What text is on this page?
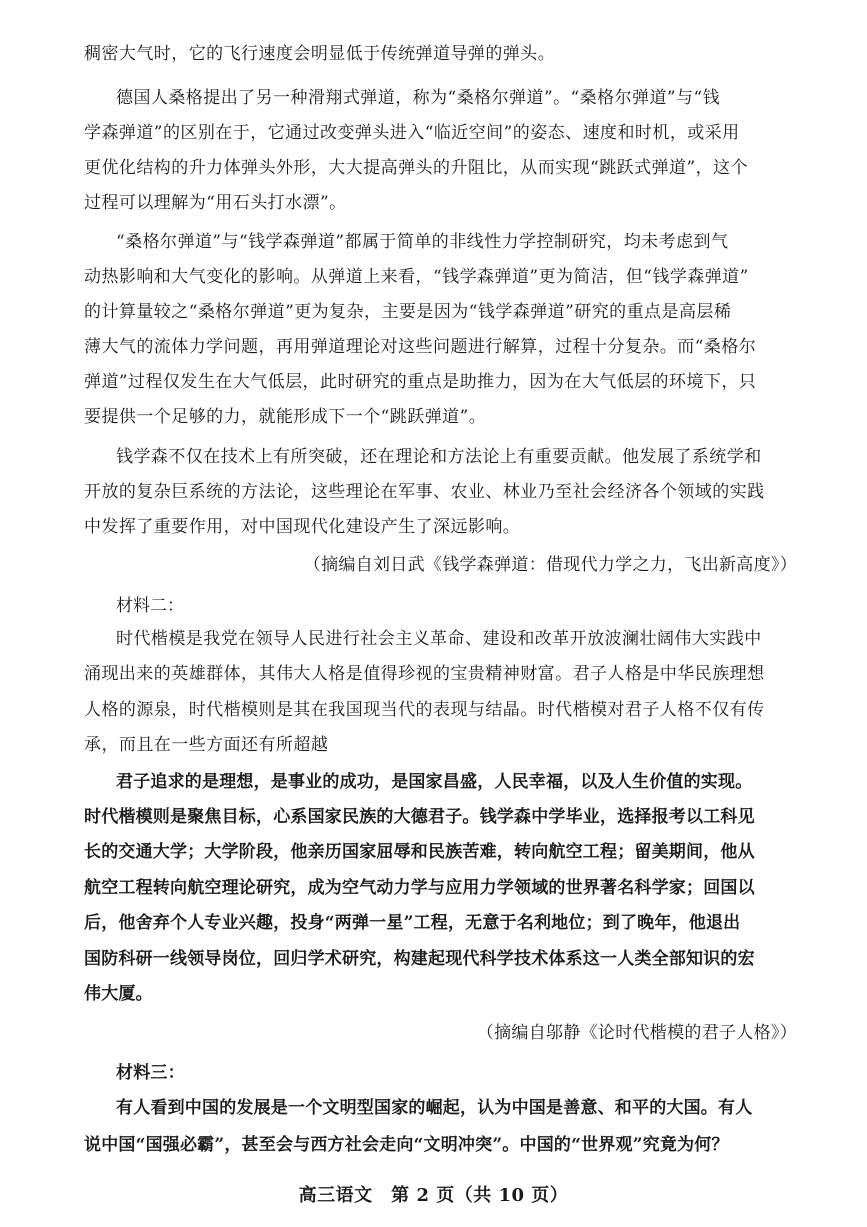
稠密大气时，它的飞行速度会明显低于传统弹道导弹的弹头。
德国人桑格提出了另一种滑翔式弹道，称为“桑格尔弹道”。“桑格尔弹道”与“钱
学森弹道”的区别在于，它通过改变弹头进入“临近空间”的姿态、速度和时机，或采用
更优化结构的升力体弹头外形，大大提高弹头的升阻比，从而实现“跳跃式弹道”，这个
过程可以理解为“用石头打水漂”。
“桑格尔弹道”与“钱学森弹道”都属于简单的非线性力学控制研究，均未考虑到气
动热影响和大气变化的影响。从弹道上来看，“钱学森弹道”更为简洁，但“钱学森弹道”
的计算量较之“桑格尔弹道”更为复杂，主要是因为“钱学森弹道”研究的重点是高层稀
薄大气的流体力学问题，再用弹道理论对这些问题进行解算，过程十分复杂。而“桑格尔
弹道”过程仅发生在大气低层，此时研究的重点是助推力，因为在大气低层的环境下，只
要提供一个足够的力，就能形成下一个“跳跃弹道”。
钱学森不仅在技术上有所突破，还在理论和方法论上有重要贡献。他发展了系统学和
开放的复杂巨系统的方法论，这些理论在军事、农业、林业乃至社会经济各个领域的实践
中发挥了重要作用，对中国现代化建设产生了深远影响。
（摘编自刘日武《钱学森弹道：借现代力学之力，飞出新高度》）
材料二：
时代楷模是我党在领导人民进行社会主义革命、建设和改革开放波澜壮阔伟大实践中
涌现出来的英雄群体，其伟大人格是值得珍视的宝贵精神财富。君子人格是中华民族理想
人格的源泉，时代楷模则是其在我国现当代的表现与结晶。时代楷模对君子人格不仅有传
承，而且在一些方面还有所超越
君子追求的是理想，是事业的成功，是国家昌盛，人民幸福，以及人生价值的实现。
时代楷模则是聚焦目标，心系国家民族的大德君子。钱学森中学毕业，选择报考以工科见
长的交通大学；大学阶段，他亲历国家屈辱和民族苦难，转向航空工程；留美期间，他从
航空工程转向航空理论研究，成为空气动力学与应用力学领域的世界著名科学家；回国以
后，他舍弃个人专业兴趣，投身“两弹一星”工程，无意于名利地位；到了晚年，他退出
国防科研一线领导岗位，回归学术研究，构建起现代科学技术体系这一人类全部知识的宏
伟大厦。
（摘编自邬静《论时代楷模的君子人格》）
材料三：
有人看到中国的发展是一个文明型国家的崛起，认为中国是善意、和平的大国。有人
说中国“国强必霸”，甚至会与西方社会走向“文明冲突”。中国的“世界观”究竟为何？
高三语文　第 2 页（共 10 页）
